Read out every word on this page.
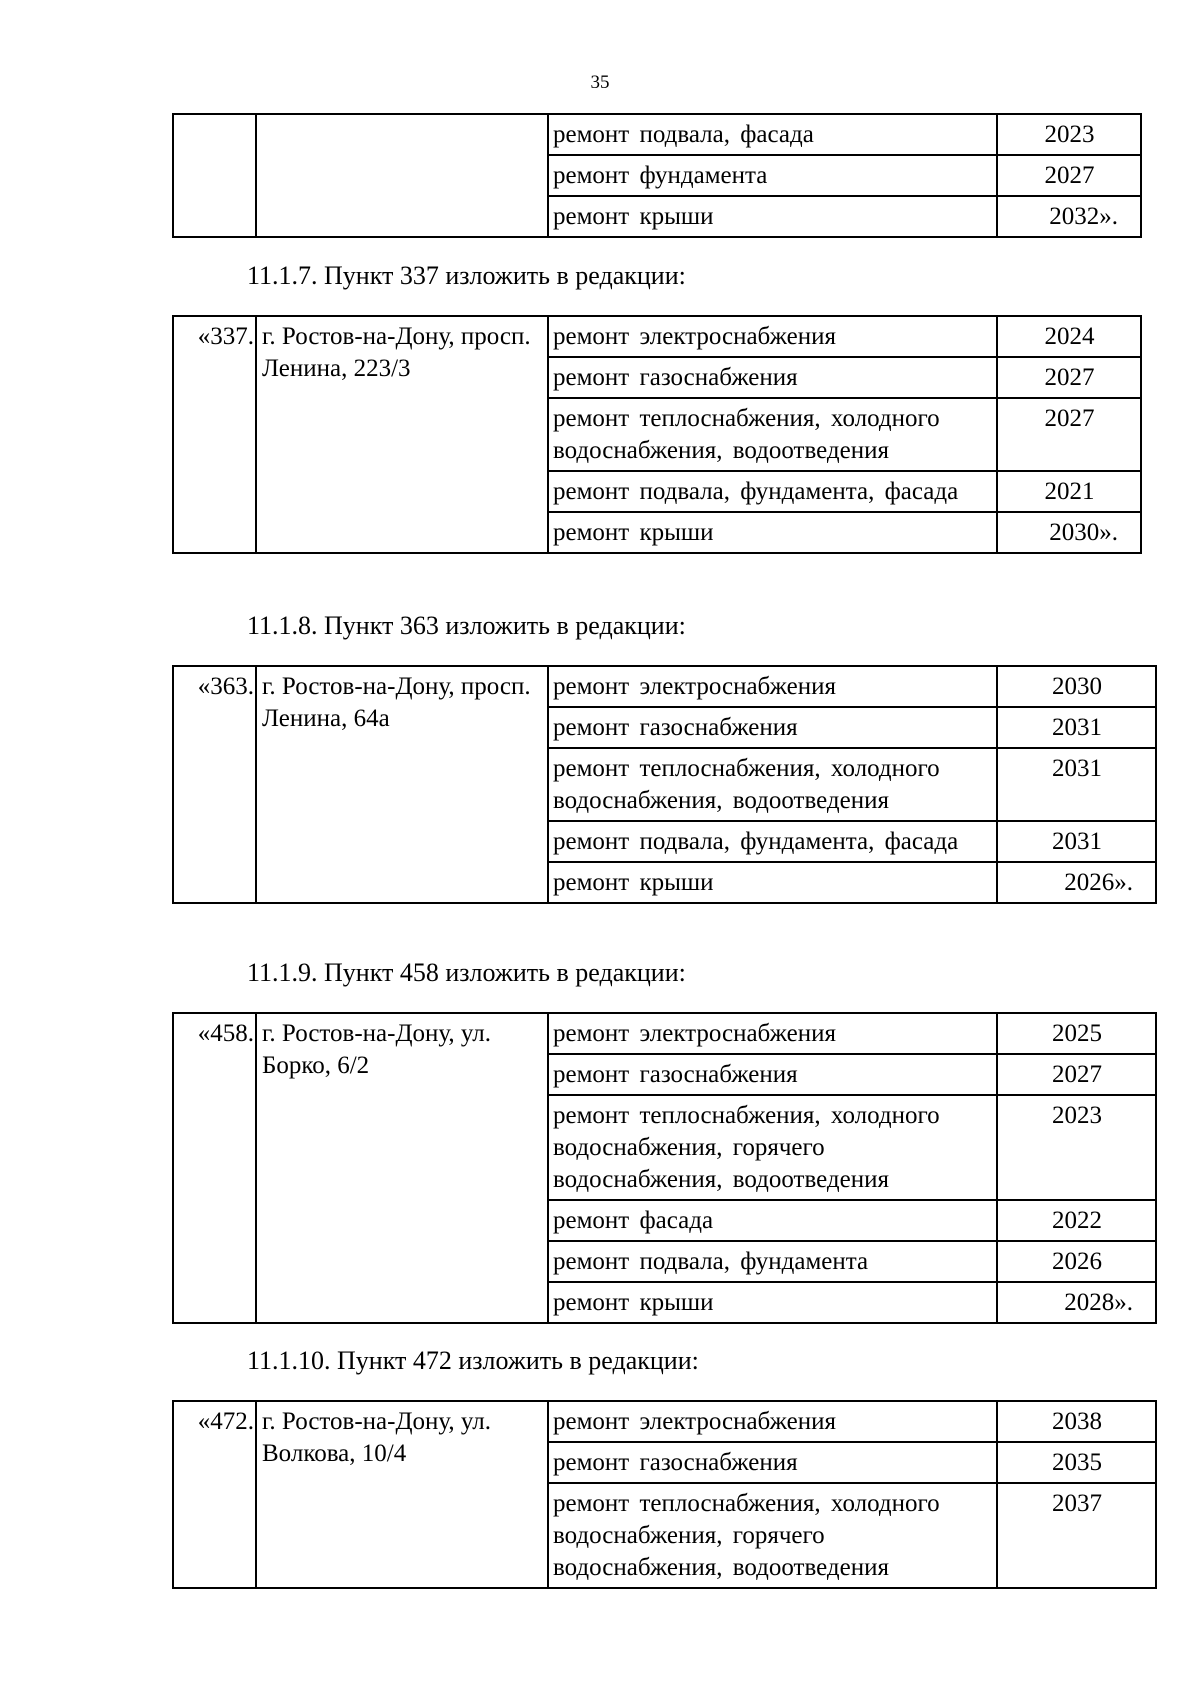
35
		ремонт подвала, фасада	2023
		ремонт фундамента	2027
		ремонт крыши	2032».
11.1.7. Пункт 337 изложить в редакции:
«337.	г. Ростов-на-Дону, просп. Ленина, 223/3	ремонт электроснабжения	2024
		ремонт газоснабжения	2027
		ремонт теплоснабжения, холодного водоснабжения, водоотведения	2027
		ремонт подвала, фундамента, фасада	2021
		ремонт крыши	2030».
11.1.8. Пункт 363 изложить в редакции:
«363.	г. Ростов-на-Дону, просп. Ленина, 64а	ремонт электроснабжения	2030
		ремонт газоснабжения	2031
		ремонт теплоснабжения, холодного водоснабжения, водоотведения	2031
		ремонт подвала, фундамента, фасада	2031
		ремонт крыши	2026».
11.1.9. Пункт 458 изложить в редакции:
«458.	г. Ростов-на-Дону, ул. Борко, 6/2	ремонт электроснабжения	2025
		ремонт газоснабжения	2027
		ремонт теплоснабжения, холодного водоснабжения, горячего водоснабжения, водоотведения	2023
		ремонт фасада	2022
		ремонт подвала, фундамента	2026
		ремонт крыши	2028».
11.1.10. Пункт 472 изложить в редакции:
«472.	г. Ростов-на-Дону, ул. Волкова, 10/4	ремонт электроснабжения	2038
		ремонт газоснабжения	2035
		ремонт теплоснабжения, холодного водоснабжения, горячего водоснабжения, водоотведения	2037
